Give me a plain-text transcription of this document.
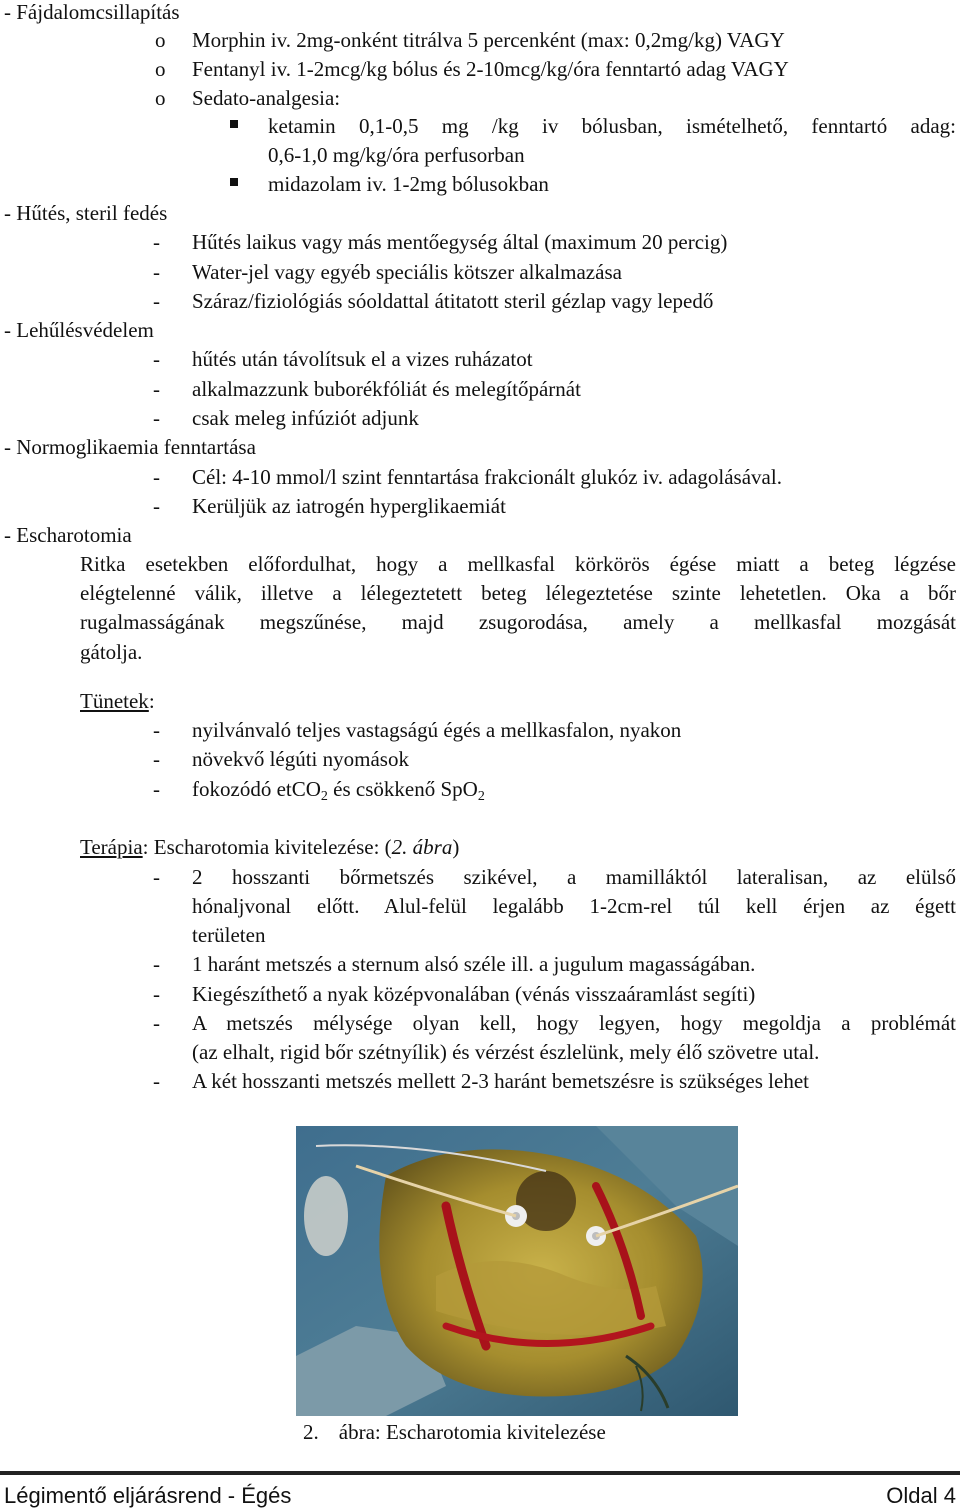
- Fájdalomcsillapítás
o Morphin iv. 2mg-onként titrálva 5 percenként (max: 0,2mg/kg) VAGY
o Fentanyl iv. 1-2mcg/kg bólus és 2-10mcg/kg/óra fenntartó adag VAGY
o Sedato-analgesia:
ketamin 0,1-0,5 mg /kg iv bólusban, ismételhető, fenntartó adag:
0,6-1,0 mg/kg/óra perfusorban
midazolam iv. 1-2mg bólusokban
- Hűtés, steril fedés
- Hűtés laikus vagy más mentőegység által (maximum 20 percig)
- Water-jel vagy egyéb speciális kötszer alkalmazása
- Száraz/fiziológiás sóoldattal átitatott steril gézlap vagy lepedő
- Lehűlésvédelem
- hűtés után távolítsuk el a vizes ruházatot
- alkalmazzunk buborékfóliát és melegítőpárnát
- csak meleg infúziót adjunk
- Normoglikaemia fenntartása
- Cél: 4-10 mmol/l szint fenntartása frakcionált glukóz iv. adagolásával.
- Kerüljük az iatrogén hyperglikaemiát
- Escharotomia
Ritka esetekben előfordulhat, hogy a mellkasfal körkörös égése miatt a beteg légzése
elégtelenné válik, illetve a lélegeztetett beteg lélegeztetése szinte lehetetlen. Oka a bőr
rugalmasságának megszűnése, majd zsugorodása, amely a mellkasfal mozgását
gátolja.
Tünetek:
- nyilvánvaló teljes vastagságú égés a mellkasfalon, nyakon
- növekvő légúti nyomások
- fokozódó etCO$_2$ és csökkenő SpO$_2$
Terápia: Escharotomia kivitelezése: (2. ábra)
- 2 hosszanti bőrmetszés szikével, a mamilláktól lateralisan, az elülső
hónaljvonal előtt. Alul-felül legalább 1-2cm-rel túl kell érjen az égett
területen
- 1 haránt metszés a sternum alsó széle ill. a jugulum magasságában.
- Kiegészíthető a nyak középvonalában (vénás visszaáramlást segíti)
- A metszés mélysége olyan kell, hogy legyen, hogy megoldja a problémát
(az elhalt, rigid bőr szétnyílik) és vérzést észlelünk, mely élő szövetre utal.
- A két hosszanti metszés mellett 2-3 haránt bemetszésre is szükséges lehet
2. ábra: Escharotomia kivitelezése
Légimentő eljárásrend - Égés	Oldal 4
